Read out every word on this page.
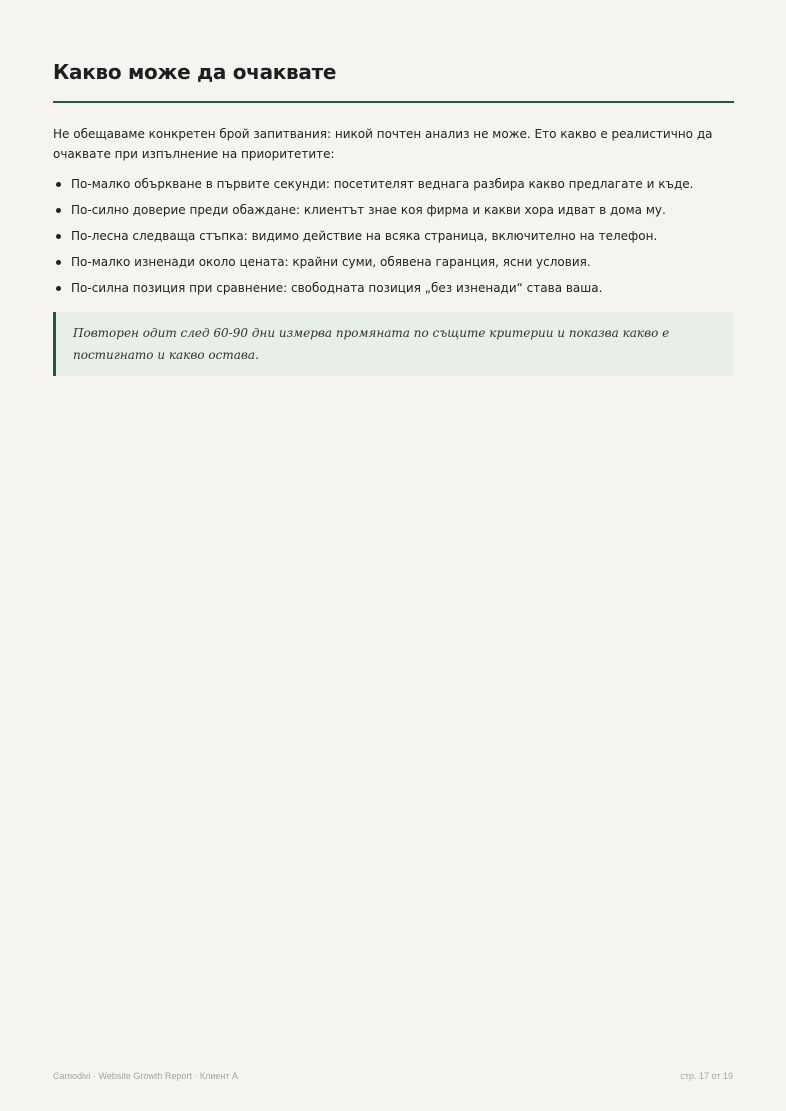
Какво може да очаквате

Не обещаваме конкретен брой запитвания: никой почтен анализ не може. Ето какво е реалистично да очаквате при изпълнение на приоритетите:

По-малко объркване в първите секунди: посетителят веднага разбира какво предлагате и къде.
По-силно доверие преди обаждане: клиентът знае коя фирма и какви хора идват в дома му.
По-лесна следваща стъпка: видимо действие на всяка страница, включително на телефон.
По-малко изненади около цената: крайни суми, обявена гаранция, ясни условия.
По-силна позиция при сравнение: свободната позиция „без изненади“ става ваша.

Повторен одит след 60-90 дни измерва промяната по същите критерии и показва какво е постигнато и какво остава.

Camodivi · Website Growth Report · Клиент А	стр. 17 от 19
